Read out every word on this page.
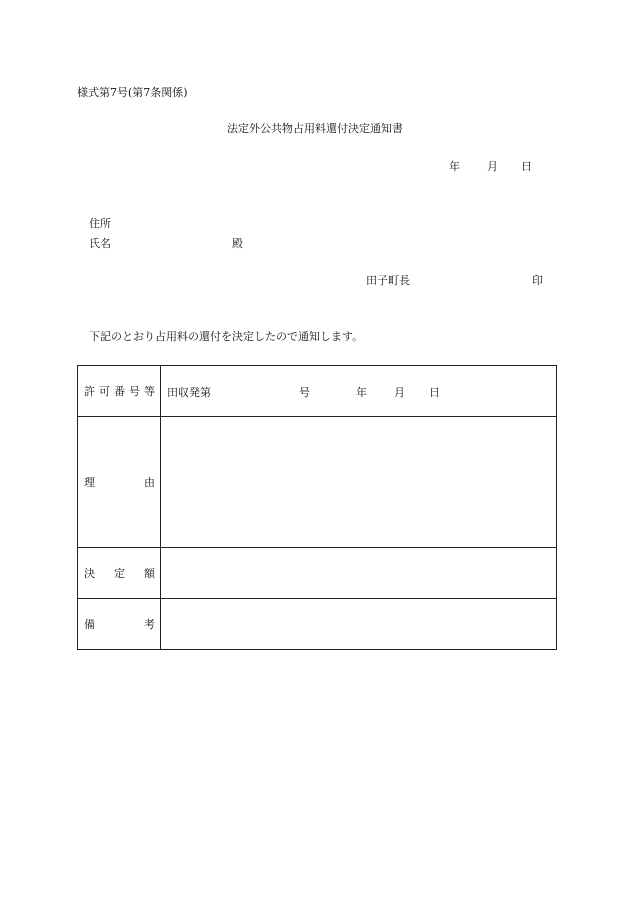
様式第7号(第7条関係)
法定外公共物占用料還付決定通知書
年 月 日
住所
氏名	殿
田子町長	印
下記のとおり占用料の還付を決定したので通知します。
許 可 番 号 等	田収発第 号 年 月 日

理 由	

決 定 額	

備 考	
